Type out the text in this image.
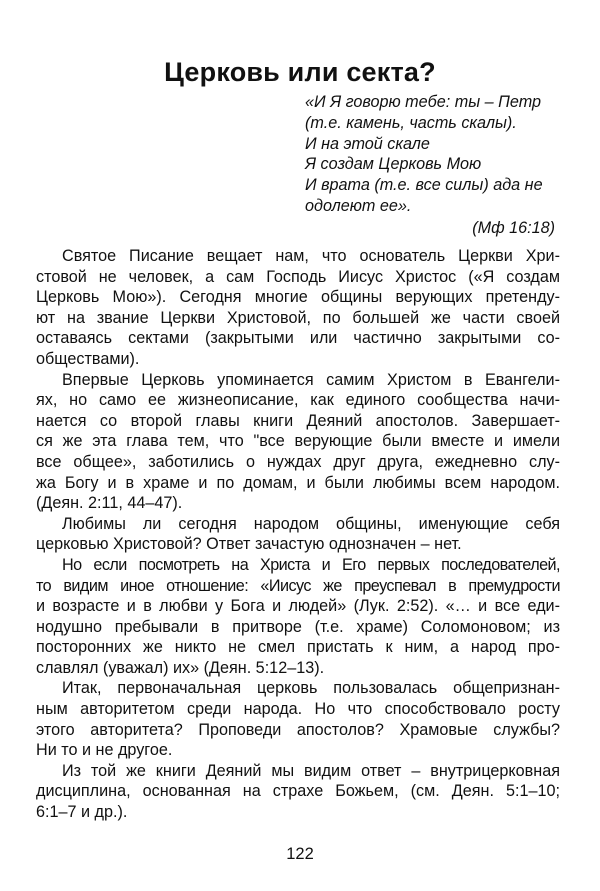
Церковь или секта?
«И Я говорю тебе: ты – Петр
(т.е. камень, часть скалы).
И на этой скале
Я создам Церковь Мою
И врата (т.е. все силы) ада не
одолеют ее».
(Мф 16:18)
Святое Писание вещает нам, что основатель Церкви Хри-
стовой не человек, а сам Господь Иисус Христос («Я создам
Церковь Мою»). Сегодня многие общины верующих претенду-
ют на звание Церкви Христовой, по большей же части своей
оставаясь сектами (закрытыми или частично закрытыми со-
обществами).
Впервые Церковь упоминается самим Христом в Евангели-
ях, но само ее жизнеописание, как единого сообщества начи-
нается со второй главы книги Деяний апостолов. Завершает-
ся же эта глава тем, что "все верующие были вместе и имели
все общее», заботились о нуждах друг друга, ежедневно слу-
жа Богу и в храме и по домам, и были любимы всем народом.
(Деян. 2:11, 44–47).
Любимы ли сегодня народом общины, именующие себя
церковью Христовой? Ответ зачастую однозначен – нет.
Но если посмотреть на Христа и Его первых последователей,
то видим иное отношение: «Иисус же преуспевал в премудрости
и возрасте и в любви у Бога и людей» (Лук. 2:52). «… и все еди-
нодушно пребывали в притворе (т.е. храме) Соломоновом; из
посторонних же никто не смел пристать к ним, а народ про-
славлял (уважал) их» (Деян. 5:12–13).
Итак, первоначальная церковь пользовалась общепризнан-
ным авторитетом среди народа. Но что способствовало росту
этого авторитета? Проповеди апостолов? Храмовые службы?
Ни то и не другое.
Из той же книги Деяний мы видим ответ – внутрицерковная
дисциплина, основанная на страхе Божьем, (см. Деян. 5:1–10;
6:1–7 и др.).
122
